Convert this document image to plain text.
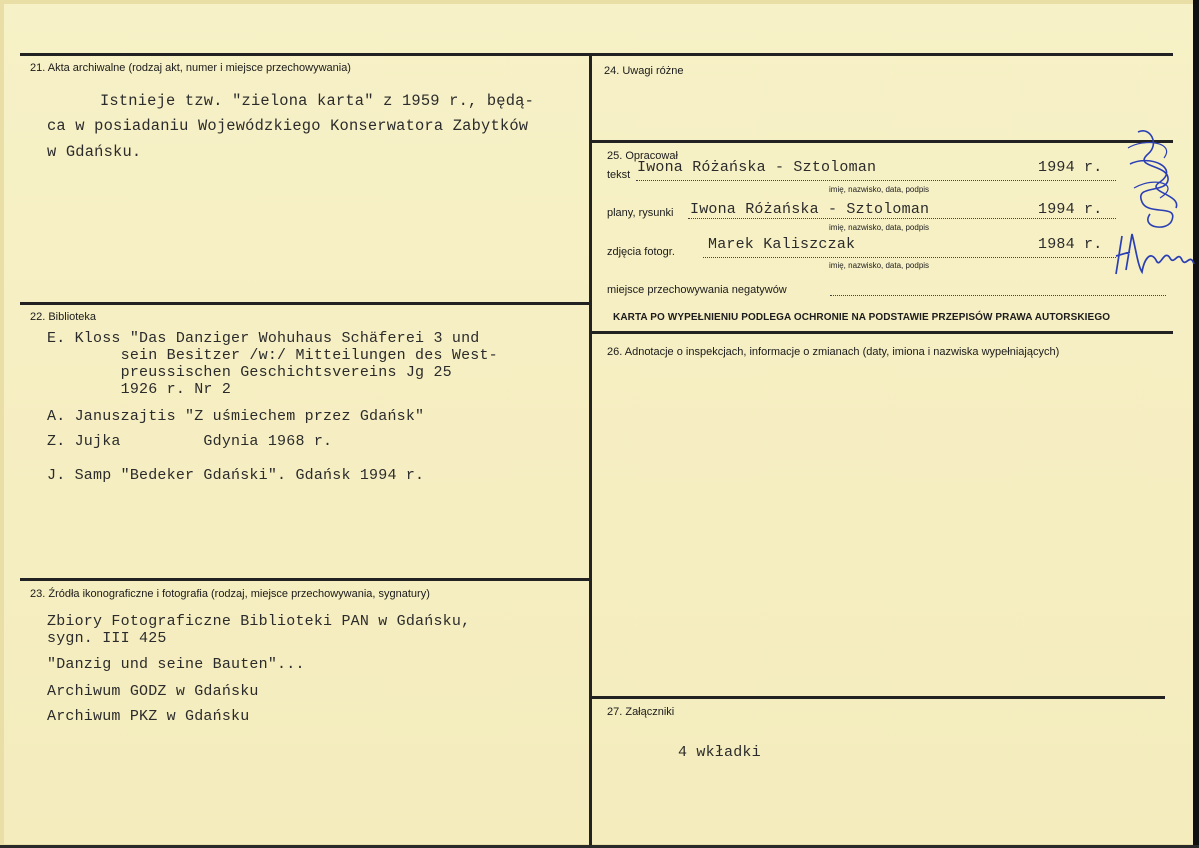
21. Akta archiwalne (rodzaj akt, numer i miejsce przechowywania)
Istnieje tzw. "zielona karta" z 1959 r., będą-
ca w posiadaniu Wojewódzkiego Konserwatora Zabytków
w Gdańsku.
22. Biblioteka
E. Kloss "Das Danziger Wohuhaus Schäferei 3 und
sein Besitzer /w:/ Mitteilungen des West-
preussischen Geschichtsvereins Jg 25
1926 r. Nr 2
A. Januszajtis "Z uśmiechem przez Gdańsk"
Z. Jujka         Gdynia 1968 r.
J. Samp "Bedeker Gdański". Gdańsk 1994 r.
23. Źródła ikonograficzne i fotografia (rodzaj, miejsce przechowywania, sygnatury)
Zbiory Fotograficzne Biblioteki PAN w Gdańsku,
sygn. III 425
"Danzig und seine Bauten"...
Archiwum GODZ w Gdańsku
Archiwum PKZ w Gdańsku
24. Uwagi różne
25. Opracował
tekst Iwona Różańska - Sztoloman	1994 r.
imię, nazwisko, data, podpis
plany, rysunki Iwona Różańska - Sztoloman	1994 r.
imię, nazwisko, data, podpis
zdjęcia fotogr. Marek Kaliszczak	1984 r.
imię, nazwisko, data, podpis
miejsce przechowywania negatywów
KARTA PO WYPEŁNIENIU PODLEGA OCHRONIE NA PODSTAWIE PRZEPISÓW PRAWA AUTORSKIEGO
26. Adnotacje o inspekcjach, informacje o zmianach (daty, imiona i nazwiska wypełniających)
27. Załączniki
4 wkładki
